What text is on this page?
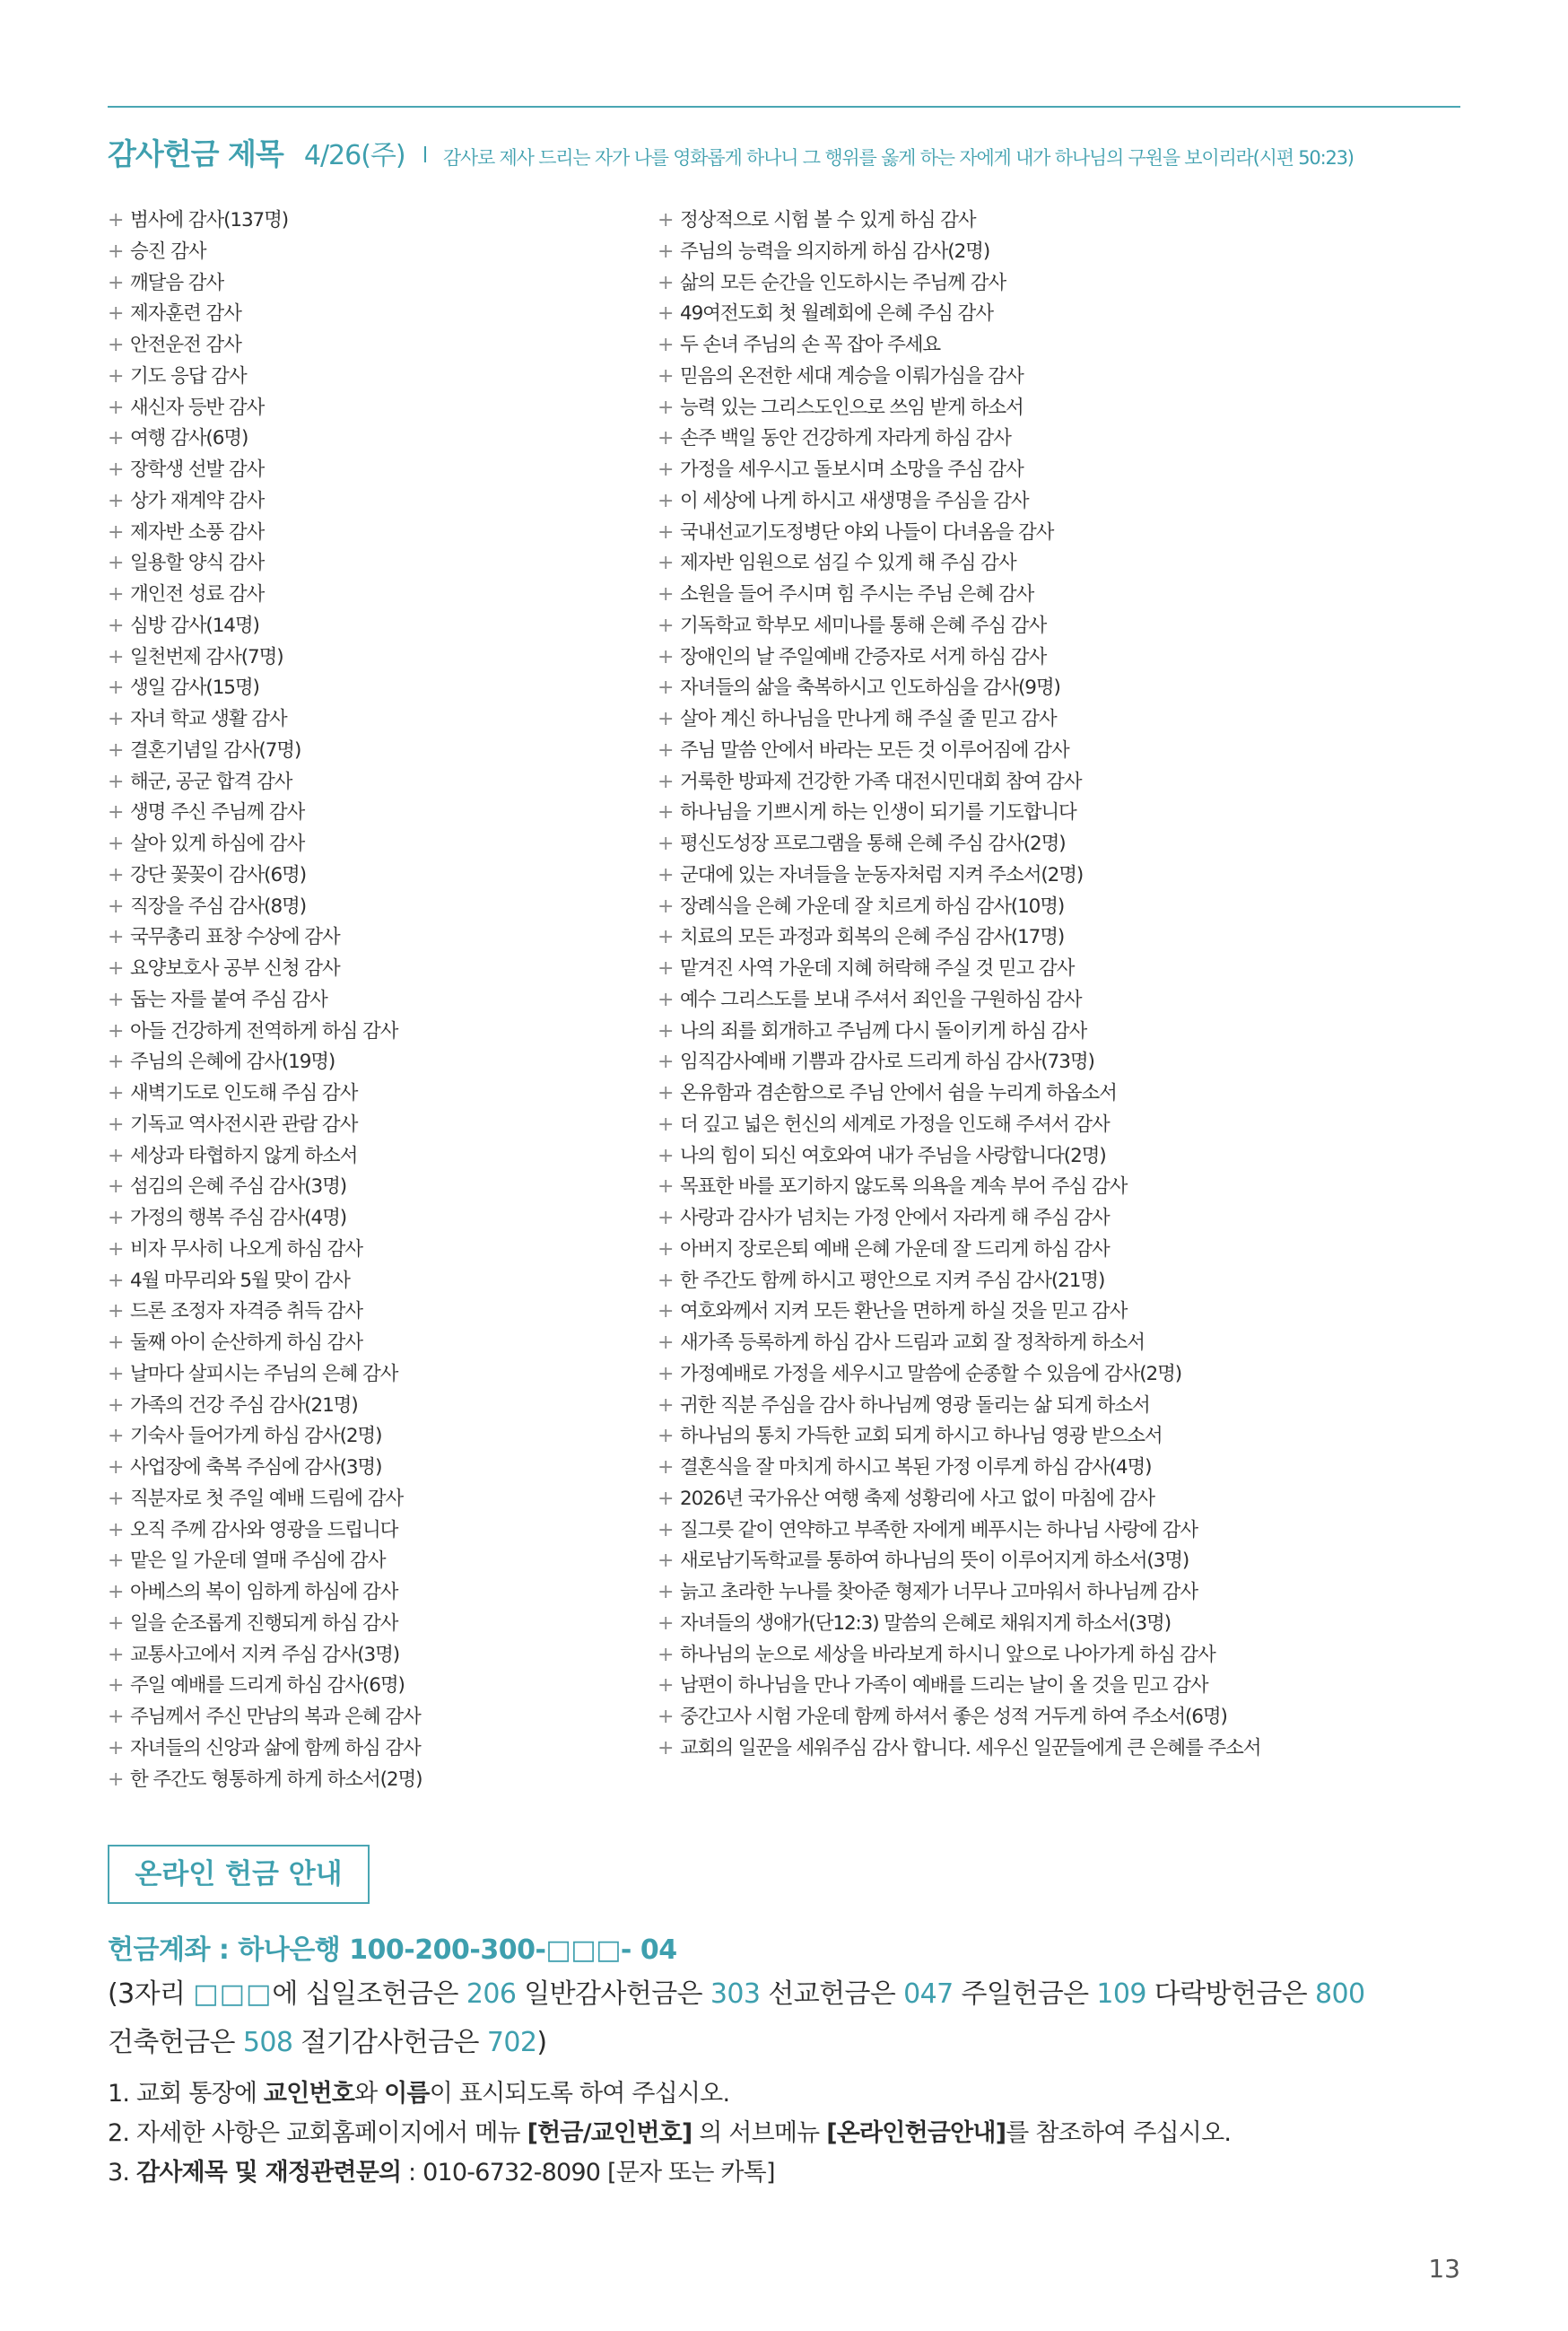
감사헌금 제목 4/26(주) 감사로 제사 드리는 자가 나를 영화롭게 하나니 그 행위를 옳게 하는 자에게 내가 하나님의 구원을 보이리라(시편 50:23)
+ 범사에 감사(137명)
+ 승진 감사
+ 깨달음 감사
+ 제자훈련 감사
+ 안전운전 감사
+ 기도 응답 감사
+ 새신자 등반 감사
+ 여행 감사(6명)
+ 장학생 선발 감사
+ 상가 재계약 감사
+ 제자반 소풍 감사
+ 일용할 양식 감사
+ 개인전 성료 감사
+ 심방 감사(14명)
+ 일천번제 감사(7명)
+ 생일 감사(15명)
+ 자녀 학교 생활 감사
+ 결혼기념일 감사(7명)
+ 해군, 공군 합격 감사
+ 생명 주신 주님께 감사
+ 살아 있게 하심에 감사
+ 강단 꽃꽂이 감사(6명)
+ 직장을 주심 감사(8명)
+ 국무총리 표창 수상에 감사
+ 요양보호사 공부 신청 감사
+ 돕는 자를 붙여 주심 감사
+ 아들 건강하게 전역하게 하심 감사
+ 주님의 은혜에 감사(19명)
+ 새벽기도로 인도해 주심 감사
+ 기독교 역사전시관 관람 감사
+ 세상과 타협하지 않게 하소서
+ 섬김의 은혜 주심 감사(3명)
+ 가정의 행복 주심 감사(4명)
+ 비자 무사히 나오게 하심 감사
+ 4월 마무리와 5월 맞이 감사
+ 드론 조정자 자격증 취득 감사
+ 둘째 아이 순산하게 하심 감사
+ 날마다 살피시는 주님의 은혜 감사
+ 가족의 건강 주심 감사(21명)
+ 기숙사 들어가게 하심 감사(2명)
+ 사업장에 축복 주심에 감사(3명)
+ 직분자로 첫 주일 예배 드림에 감사
+ 오직 주께 감사와 영광을 드립니다
+ 맡은 일 가운데 열매 주심에 감사
+ 아베스의 복이 임하게 하심에 감사
+ 일을 순조롭게 진행되게 하심 감사
+ 교통사고에서 지켜 주심 감사(3명)
+ 주일 예배를 드리게 하심 감사(6명)
+ 주님께서 주신 만남의 복과 은혜 감사
+ 자녀들의 신앙과 삶에 함께 하심 감사
+ 한 주간도 형통하게 하게 하소서(2명)
+ 정상적으로 시험 볼 수 있게 하심 감사
+ 주님의 능력을 의지하게 하심 감사(2명)
+ 삶의 모든 순간을 인도하시는 주님께 감사
+ 49여전도회 첫 월례회에 은혜 주심 감사
+ 두 손녀 주님의 손 꼭 잡아 주세요
+ 믿음의 온전한 세대 계승을 이뤄가심을 감사
+ 능력 있는 그리스도인으로 쓰임 받게 하소서
+ 손주 백일 동안 건강하게 자라게 하심 감사
+ 가정을 세우시고 돌보시며 소망을 주심 감사
+ 이 세상에 나게 하시고 새생명을 주심을 감사
+ 국내선교기도정병단 야외 나들이 다녀옴을 감사
+ 제자반 임원으로 섬길 수 있게 해 주심 감사
+ 소원을 들어 주시며 힘 주시는 주님 은혜 감사
+ 기독학교 학부모 세미나를 통해 은혜 주심 감사
+ 장애인의 날 주일예배 간증자로 서게 하심 감사
+ 자녀들의 삶을 축복하시고 인도하심을 감사(9명)
+ 살아 계신 하나님을 만나게 해 주실 줄 믿고 감사
+ 주님 말씀 안에서 바라는 모든 것 이루어짐에 감사
+ 거룩한 방파제 건강한 가족 대전시민대회 참여 감사
+ 하나님을 기쁘시게 하는 인생이 되기를 기도합니다
+ 평신도성장 프로그램을 통해 은혜 주심 감사(2명)
+ 군대에 있는 자녀들을 눈동자처럼 지켜 주소서(2명)
+ 장례식을 은혜 가운데 잘 치르게 하심 감사(10명)
+ 치료의 모든 과정과 회복의 은혜 주심 감사(17명)
+ 맡겨진 사역 가운데 지혜 허락해 주실 것 믿고 감사
+ 예수 그리스도를 보내 주셔서 죄인을 구원하심 감사
+ 나의 죄를 회개하고 주님께 다시 돌이키게 하심 감사
+ 임직감사예배 기쁨과 감사로 드리게 하심 감사(73명)
+ 온유함과 겸손함으로 주님 안에서 쉼을 누리게 하옵소서
+ 더 깊고 넓은 헌신의 세계로 가정을 인도해 주셔서 감사
+ 나의 힘이 되신 여호와여 내가 주님을 사랑합니다(2명)
+ 목표한 바를 포기하지 않도록 의욕을 계속 부어 주심 감사
+ 사랑과 감사가 넘치는 가정 안에서 자라게 해 주심 감사
+ 아버지 장로은퇴 예배 은혜 가운데 잘 드리게 하심 감사
+ 한 주간도 함께 하시고 평안으로 지켜 주심 감사(21명)
+ 여호와께서 지켜 모든 환난을 면하게 하실 것을 믿고 감사
+ 새가족 등록하게 하심 감사 드림과 교회 잘 정착하게 하소서
+ 가정예배로 가정을 세우시고 말씀에 순종할 수 있음에 감사(2명)
+ 귀한 직분 주심을 감사 하나님께 영광 돌리는 삶 되게 하소서
+ 하나님의 통치 가득한 교회 되게 하시고 하나님 영광 받으소서
+ 결혼식을 잘 마치게 하시고 복된 가정 이루게 하심 감사(4명)
+ 2026년 국가유산 여행 축제 성황리에 사고 없이 마침에 감사
+ 질그릇 같이 연약하고 부족한 자에게 베푸시는 하나님 사랑에 감사
+ 새로남기독학교를 통하여 하나님의 뜻이 이루어지게 하소서(3명)
+ 늙고 초라한 누나를 찾아준 형제가 너무나 고마워서 하나님께 감사
+ 자녀들의 생애가(단12:3) 말씀의 은혜로 채워지게 하소서(3명)
+ 하나님의 눈으로 세상을 바라보게 하시니 앞으로 나아가게 하심 감사
+ 남편이 하나님을 만나 가족이 예배를 드리는 날이 올 것을 믿고 감사
+ 중간고사 시험 가운데 함께 하셔서 좋은 성적 거두게 하여 주소서(6명)
+ 교회의 일꾼을 세워주심 감사 합니다. 세우신 일꾼들에게 큰 은혜를 주소서
온라인 헌금 안내
헌금계좌 : 하나은행 100-200-300-□□□- 04
(3자리 □□□에 십일조헌금은 206 일반감사헌금은 303 선교헌금은 047 주일헌금은 109 다락방헌금은 800
건축헌금은 508 절기감사헌금은 702)
1. 교회 통장에 교인번호와 이름이 표시되도록 하여 주십시오.
2. 자세한 사항은 교회홈페이지에서 메뉴 [헌금/교인번호] 의 서브메뉴 [온라인헌금안내]를 참조하여 주십시오.
3. 감사제목 및 재정관련문의 : 010-6732-8090 [문자 또는 카톡]
13
